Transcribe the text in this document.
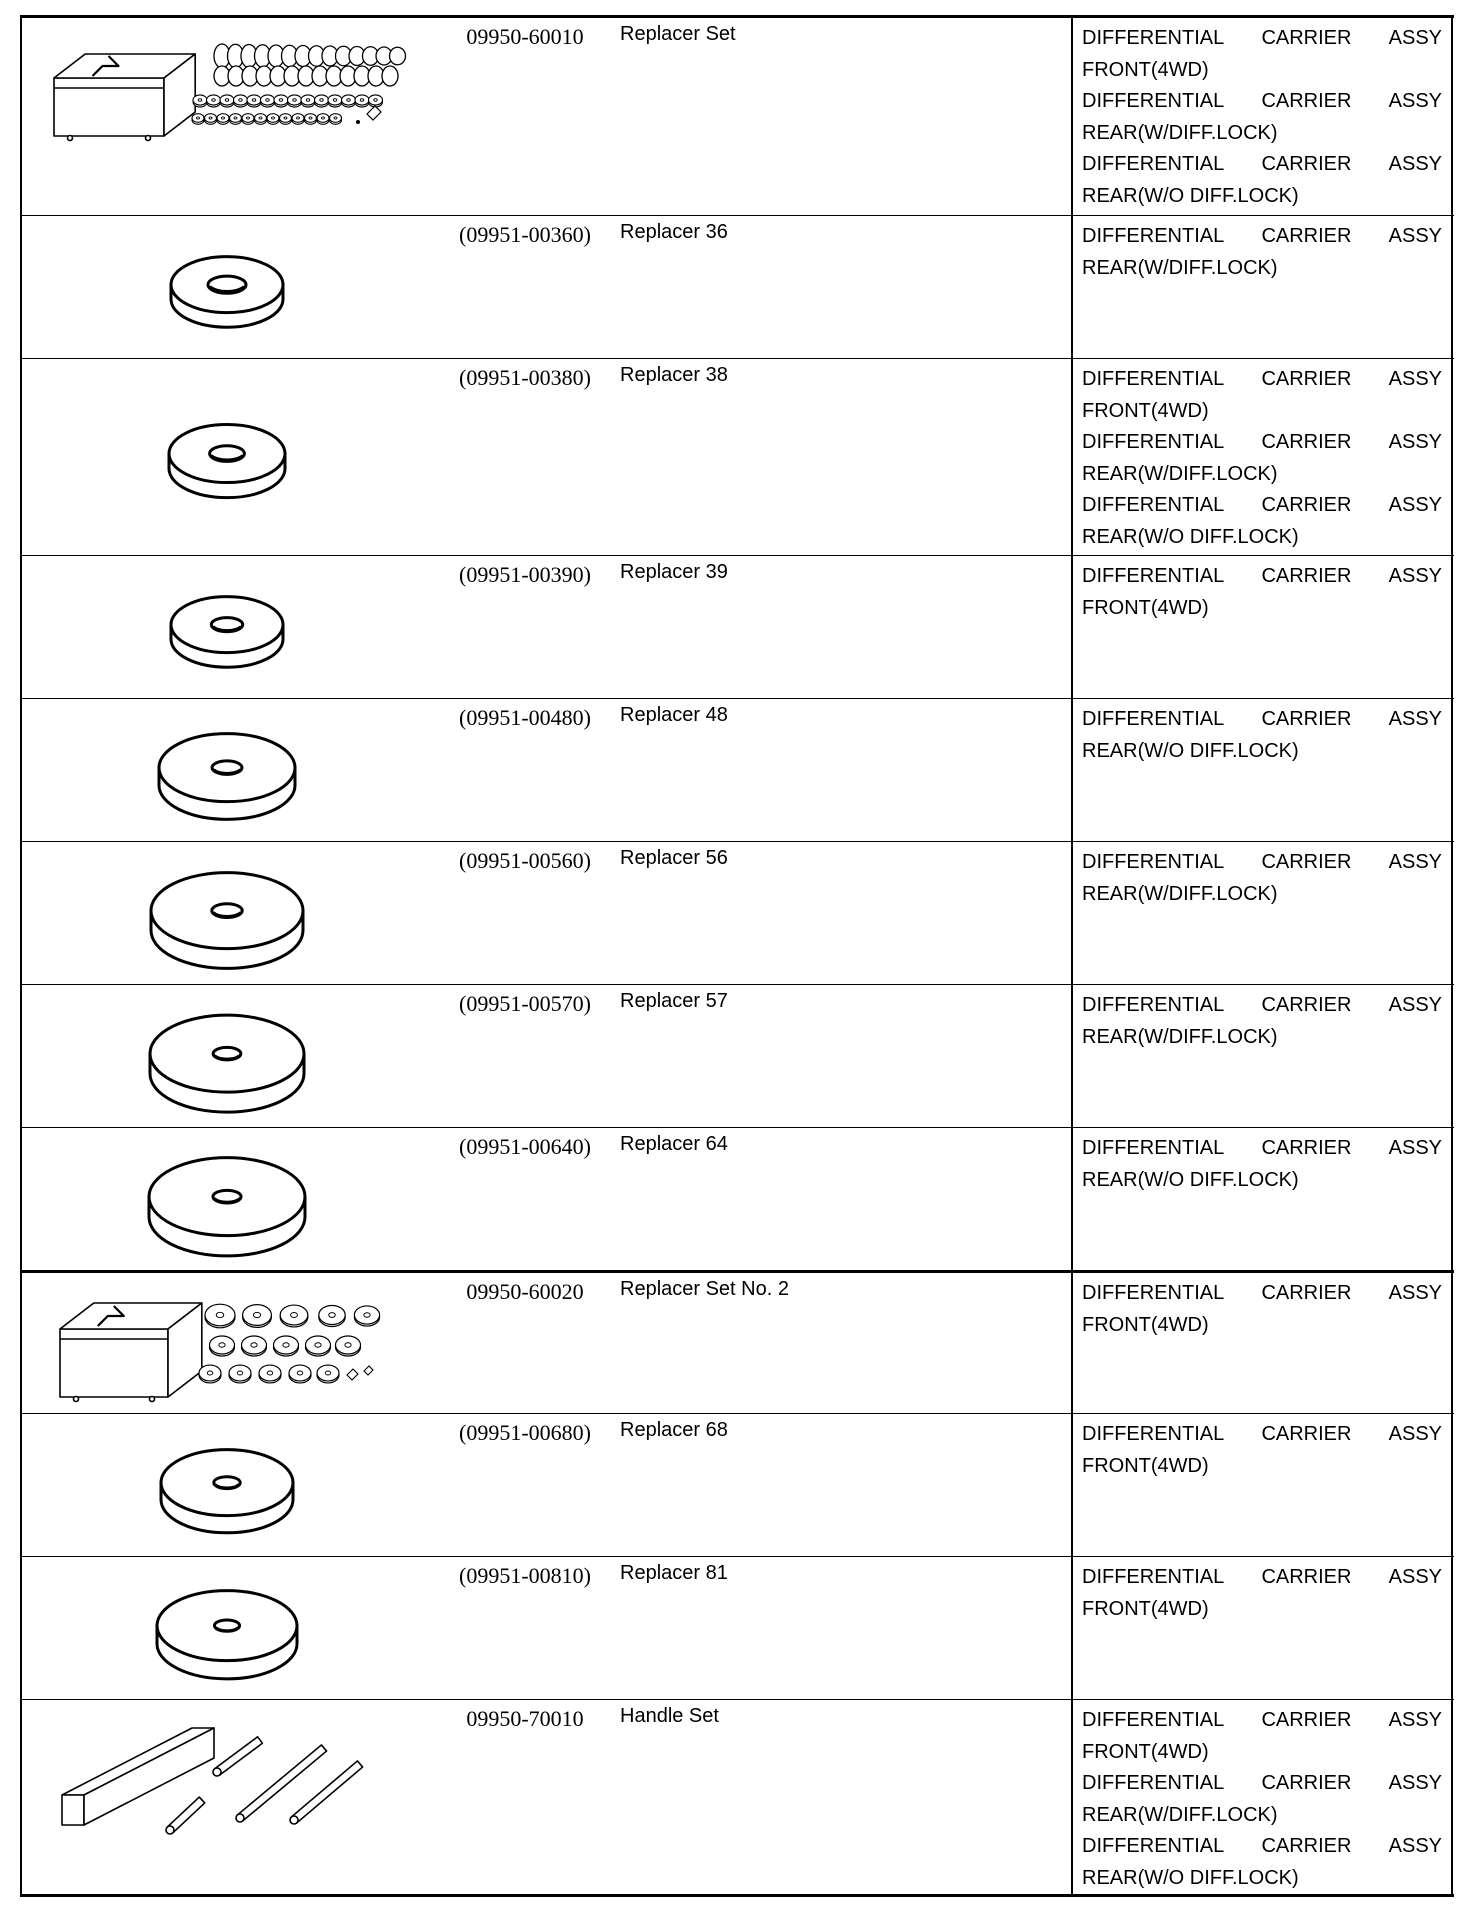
09950-60010	Replacer Set	DIFFERENTIAL CARRIER ASSY
FRONT(4WD)
DIFFERENTIAL CARRIER ASSY
REAR(W/DIFF.LOCK)
DIFFERENTIAL CARRIER ASSY
REAR(W/O DIFF.LOCK)
(09951-00360)	Replacer 36	DIFFERENTIAL CARRIER ASSY
REAR(W/DIFF.LOCK)
(09951-00380)	Replacer 38	DIFFERENTIAL CARRIER ASSY
FRONT(4WD)
DIFFERENTIAL CARRIER ASSY
REAR(W/DIFF.LOCK)
DIFFERENTIAL CARRIER ASSY
REAR(W/O DIFF.LOCK)
(09951-00390)	Replacer 39	DIFFERENTIAL CARRIER ASSY
FRONT(4WD)
(09951-00480)	Replacer 48	DIFFERENTIAL CARRIER ASSY
REAR(W/O DIFF.LOCK)
(09951-00560)	Replacer 56	DIFFERENTIAL CARRIER ASSY
REAR(W/DIFF.LOCK)
(09951-00570)	Replacer 57	DIFFERENTIAL CARRIER ASSY
REAR(W/DIFF.LOCK)
(09951-00640)	Replacer 64	DIFFERENTIAL CARRIER ASSY
REAR(W/O DIFF.LOCK)
09950-60020	Replacer Set No. 2	DIFFERENTIAL CARRIER ASSY
FRONT(4WD)
(09951-00680)	Replacer 68	DIFFERENTIAL CARRIER ASSY
FRONT(4WD)
(09951-00810)	Replacer 81	DIFFERENTIAL CARRIER ASSY
FRONT(4WD)
09950-70010	Handle Set	DIFFERENTIAL CARRIER ASSY
FRONT(4WD)
DIFFERENTIAL CARRIER ASSY
REAR(W/DIFF.LOCK)
DIFFERENTIAL CARRIER ASSY
REAR(W/O DIFF.LOCK)
